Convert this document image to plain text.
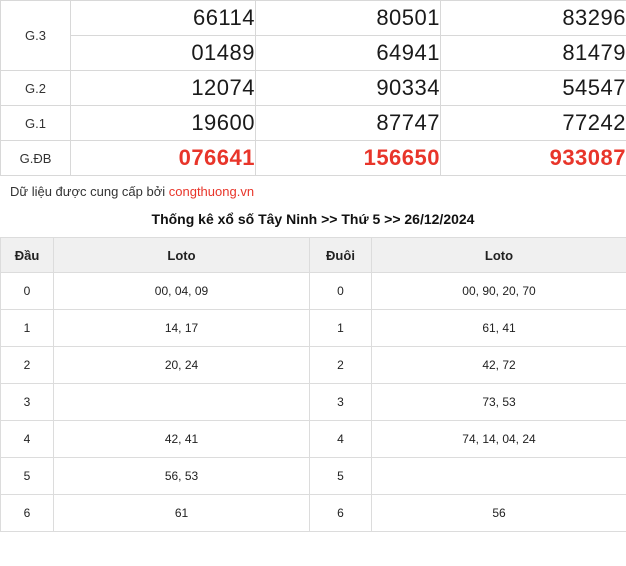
G.3	66114	80501	83296
	01489	64941	81479
G.2	12074	90334	54547
G.1	19600	87747	77242
G.ĐB	076641	156650	933087
Dữ liệu được cung cấp bởi congthuong.vn
Thống kê xổ số Tây Ninh >> Thứ 5 >> 26/12/2024
Đầu	Loto	Đuôi	Loto
0	00, 04, 09	0	00, 90, 20, 70
1	14, 17	1	61, 41
2	20, 24	2	42, 72
3		3	73, 53
4	42, 41	4	74, 14, 04, 24
5	56, 53	5	
6	61	6	56
